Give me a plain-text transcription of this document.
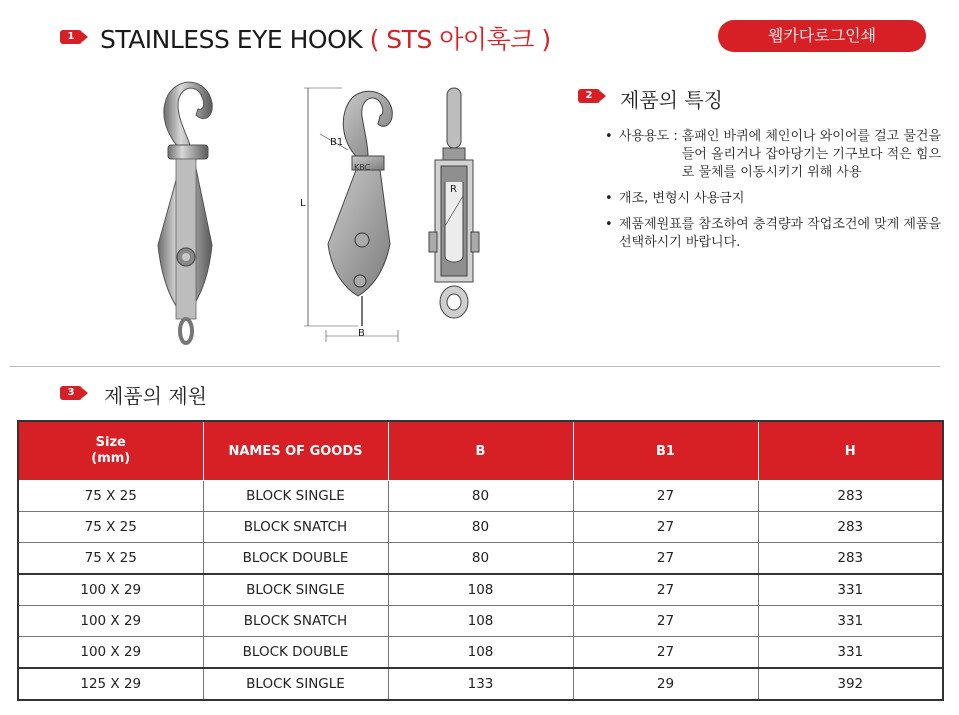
1	STAINLESS EYE HOOK ( STS 아이훅크 )	웹카다로그인쇄
B1
L
B
KBC
R
2	제품의 특징
• 사용용도 : 홈패인 바퀴에 체인이나 와이어를 걸고 물건을 들어 올리거나 잡아당기는 기구보다 적은 힘으로 물체를 이동시키기 위해 사용
• 개조, 변형시 사용금지
• 제품제원표를 참조하여 충격량과 작업조건에 맞게 제품을 선택하시기 바랍니다.
3	제품의 제원
Size
(mm)	NAMES OF GOODS	B	B1	H
75 X 25	BLOCK SINGLE	80	27	283
75 X 25	BLOCK SNATCH	80	27	283
75 X 25	BLOCK DOUBLE	80	27	283
100 X 29	BLOCK SINGLE	108	27	331
100 X 29	BLOCK SNATCH	108	27	331
100 X 29	BLOCK DOUBLE	108	27	331
125 X 29	BLOCK SINGLE	133	29	392
